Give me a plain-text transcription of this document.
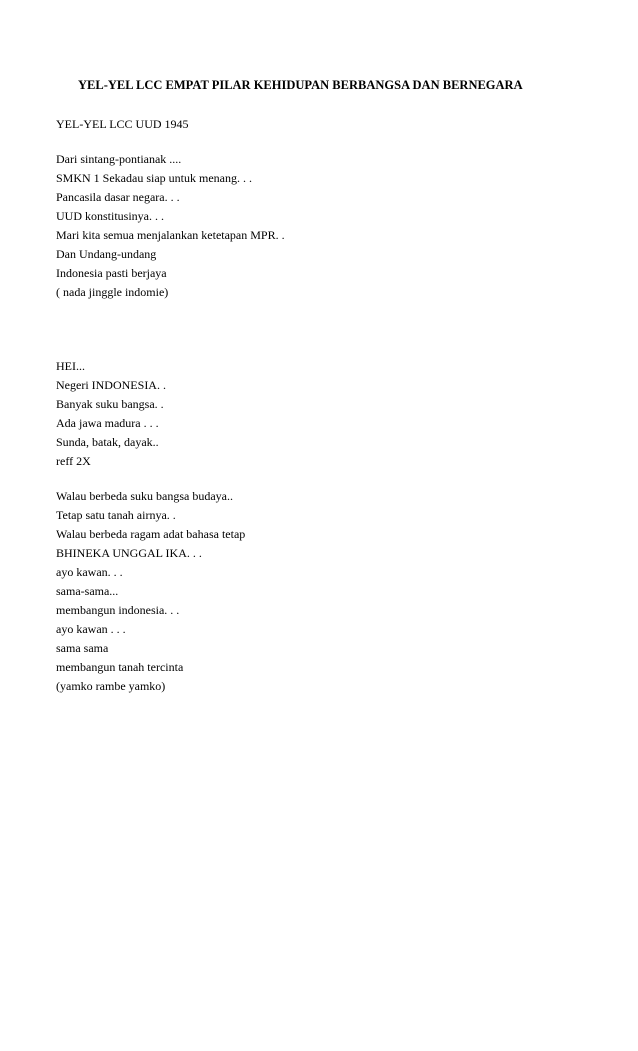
YEL-YEL LCC EMPAT PILAR KEHIDUPAN BERBANGSA DAN BERNEGARA
YEL-YEL LCC UUD 1945
Dari sintang-pontianak ....
SMKN 1 Sekadau siap untuk menang. . .
Pancasila dasar negara. . .
UUD konstitusinya. . .
Mari kita semua menjalankan ketetapan MPR. .
Dan Undang-undang
Indonesia pasti berjaya
( nada jinggle indomie)
HEI...
Negeri INDONESIA. .
Banyak suku bangsa. .
Ada jawa madura . . .
Sunda, batak, dayak..
reff 2X
Walau berbeda suku bangsa budaya..
Tetap satu tanah airnya. .
Walau berbeda ragam adat bahasa tetap
BHINEKA UNGGAL IKA. . .
ayo kawan. . .
sama-sama...
membangun indonesia. . .
ayo kawan . . .
sama sama
membangun tanah tercinta
(yamko rambe yamko)
